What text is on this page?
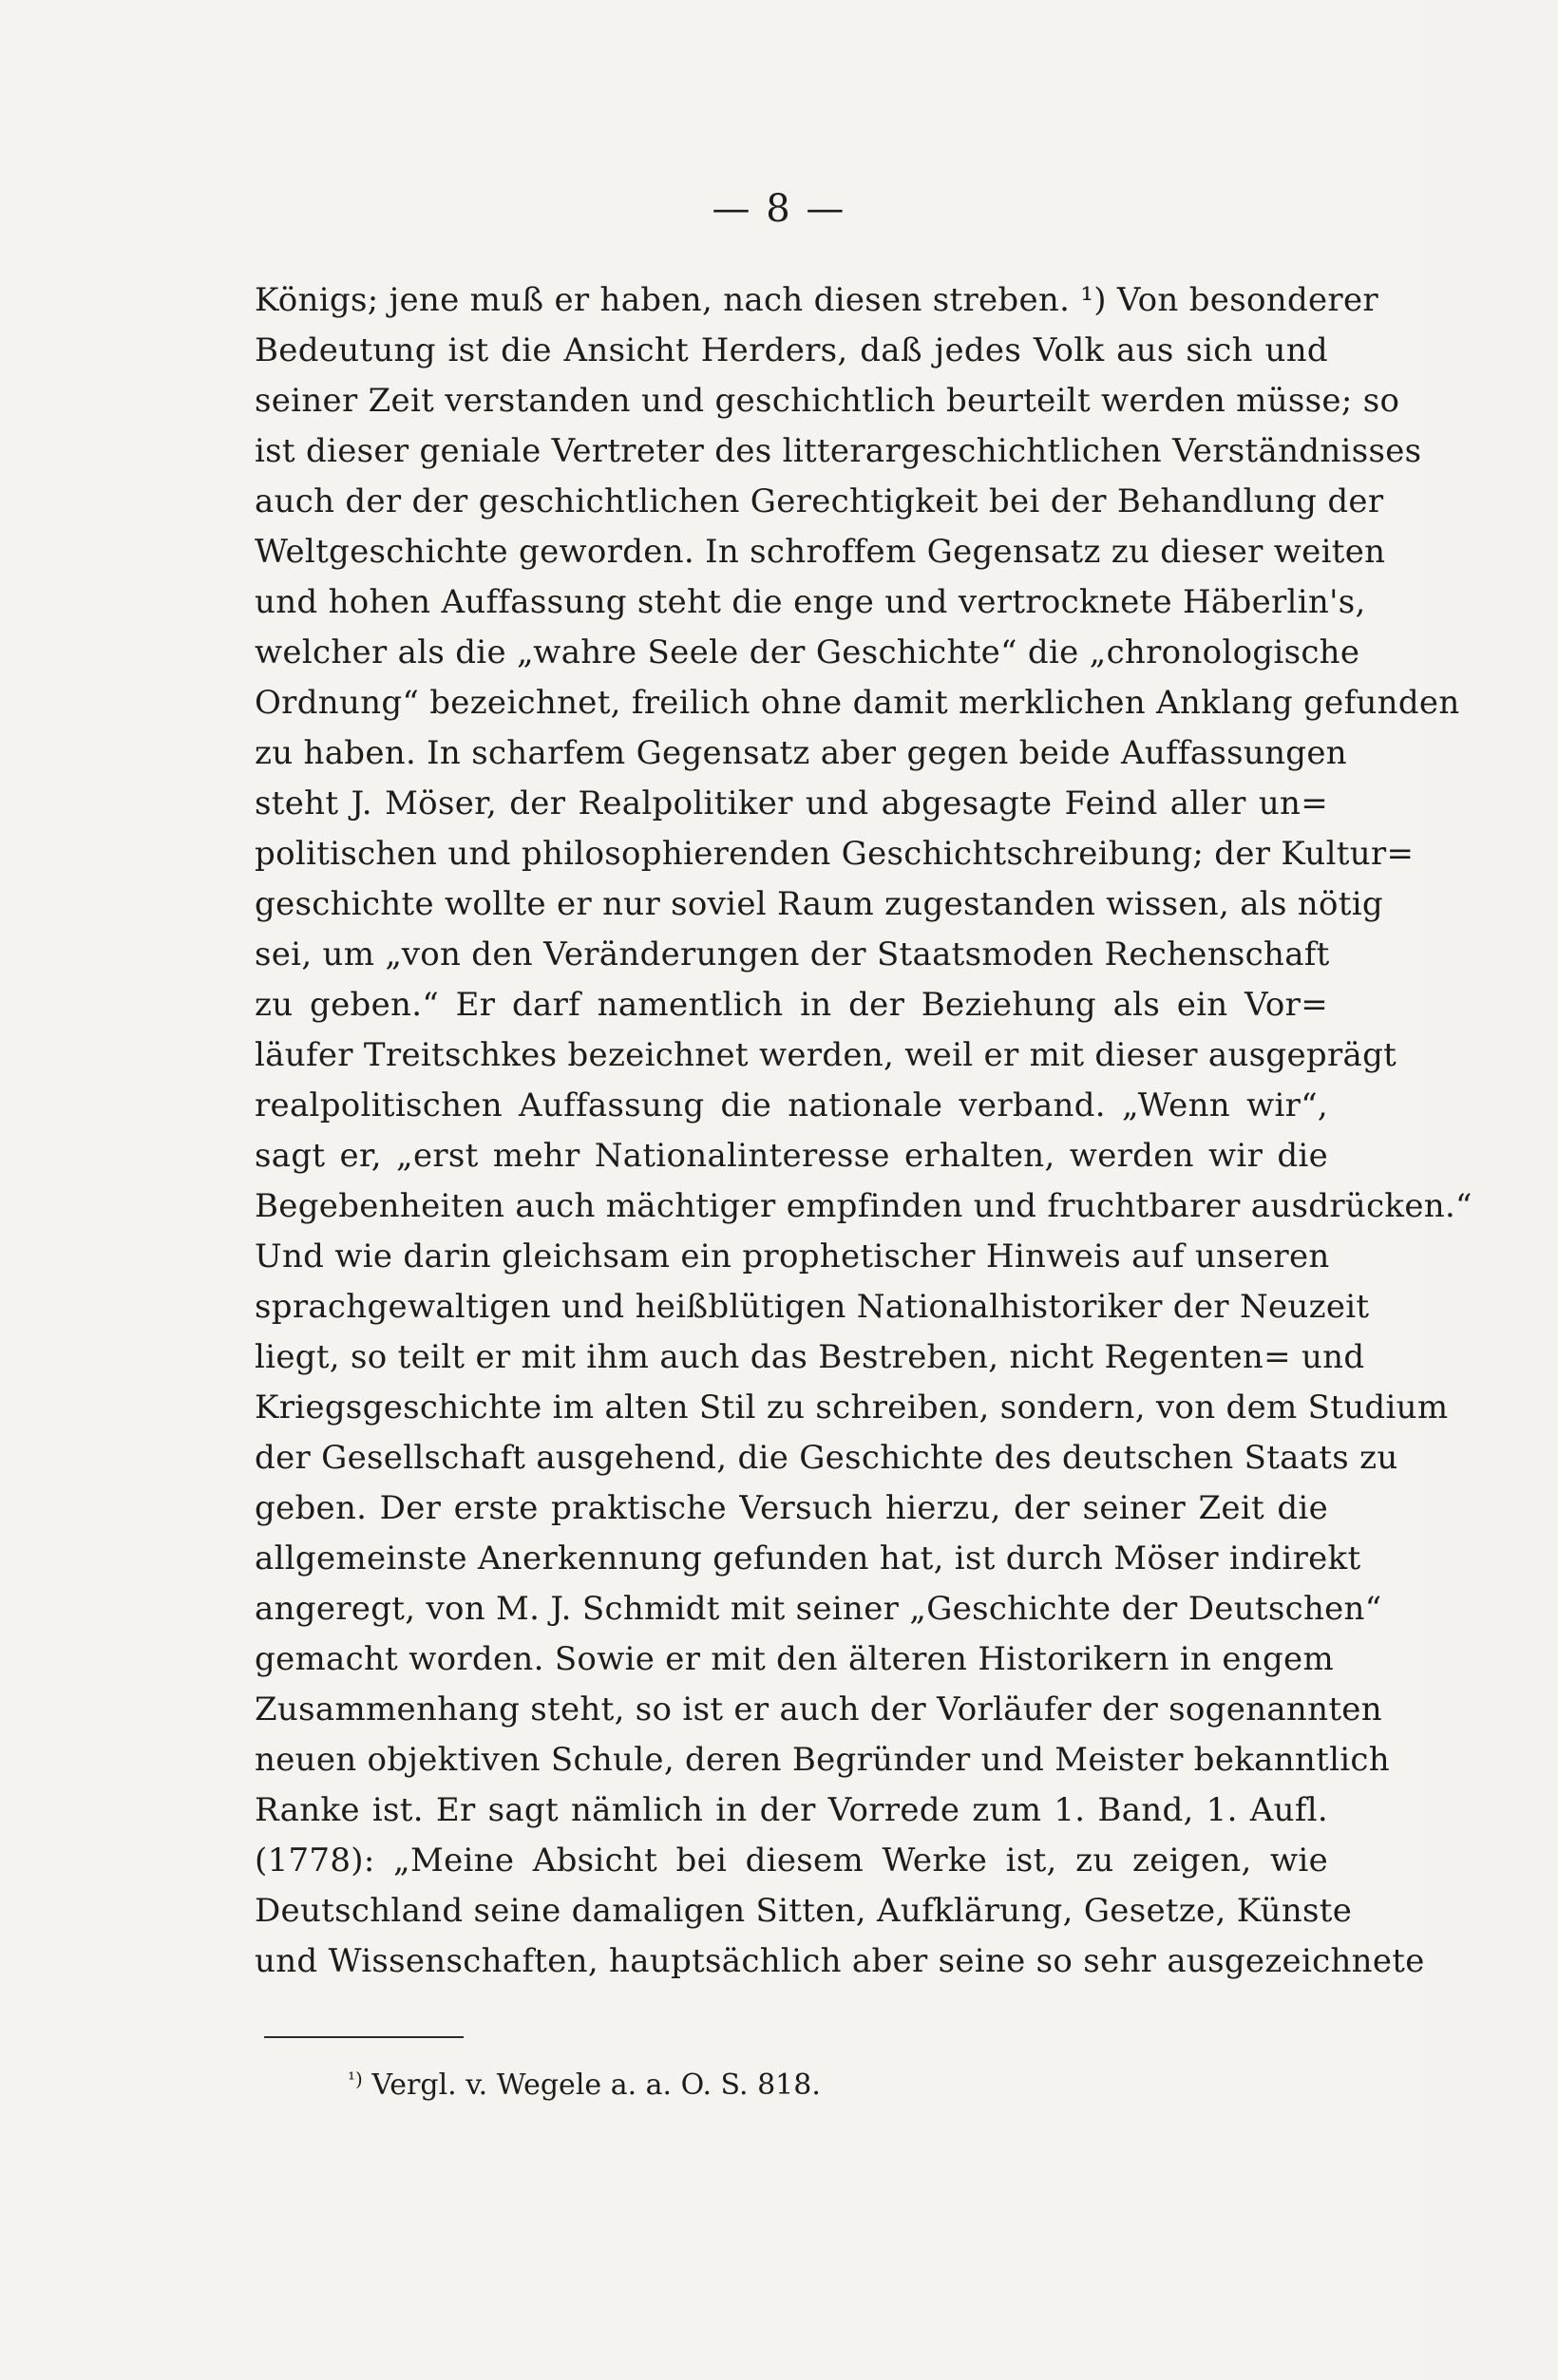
— 8 —
Königs; jene muß er haben, nach diesen streben. ¹) Von besonderer
Bedeutung ist die Ansicht Herders, daß jedes Volk aus sich und
seiner Zeit verstanden und geschichtlich beurteilt werden müsse; so
ist dieser geniale Vertreter des litterargeschichtlichen Verständnisses
auch der der geschichtlichen Gerechtigkeit bei der Behandlung der
Weltgeschichte geworden. In schroffem Gegensatz zu dieser weiten
und hohen Auffassung steht die enge und vertrocknete Häberlin's,
welcher als die „wahre Seele der Geschichte“ die „chronologische
Ordnung“ bezeichnet, freilich ohne damit merklichen Anklang gefunden
zu haben. In scharfem Gegensatz aber gegen beide Auffassungen
steht J. Möser, der Realpolitiker und abgesagte Feind aller un=
politischen und philosophierenden Geschichtschreibung; der Kultur=
geschichte wollte er nur soviel Raum zugestanden wissen, als nötig
sei, um „von den Veränderungen der Staatsmoden Rechenschaft
zu geben.“ Er darf namentlich in der Beziehung als ein Vor=
läufer Treitschkes bezeichnet werden, weil er mit dieser ausgeprägt
realpolitischen Auffassung die nationale verband. „Wenn wir“,
sagt er, „erst mehr Nationalinteresse erhalten, werden wir die
Begebenheiten auch mächtiger empfinden und fruchtbarer ausdrücken.“
Und wie darin gleichsam ein prophetischer Hinweis auf unseren
sprachgewaltigen und heißblütigen Nationalhistoriker der Neuzeit
liegt, so teilt er mit ihm auch das Bestreben, nicht Regenten= und
Kriegsgeschichte im alten Stil zu schreiben, sondern, von dem Studium
der Gesellschaft ausgehend, die Geschichte des deutschen Staats zu
geben. Der erste praktische Versuch hierzu, der seiner Zeit die
allgemeinste Anerkennung gefunden hat, ist durch Möser indirekt
angeregt, von M. J. Schmidt mit seiner „Geschichte der Deutschen“
gemacht worden. Sowie er mit den älteren Historikern in engem
Zusammenhang steht, so ist er auch der Vorläufer der sogenannten
neuen objektiven Schule, deren Begründer und Meister bekanntlich
Ranke ist. Er sagt nämlich in der Vorrede zum 1. Band, 1. Aufl.
(1778): „Meine Absicht bei diesem Werke ist, zu zeigen, wie
Deutschland seine damaligen Sitten, Aufklärung, Gesetze, Künste
und Wissenschaften, hauptsächlich aber seine so sehr ausgezeichnete
$^{^1)}$ Vergl. v. Wegele a. a. O. S. 818.
